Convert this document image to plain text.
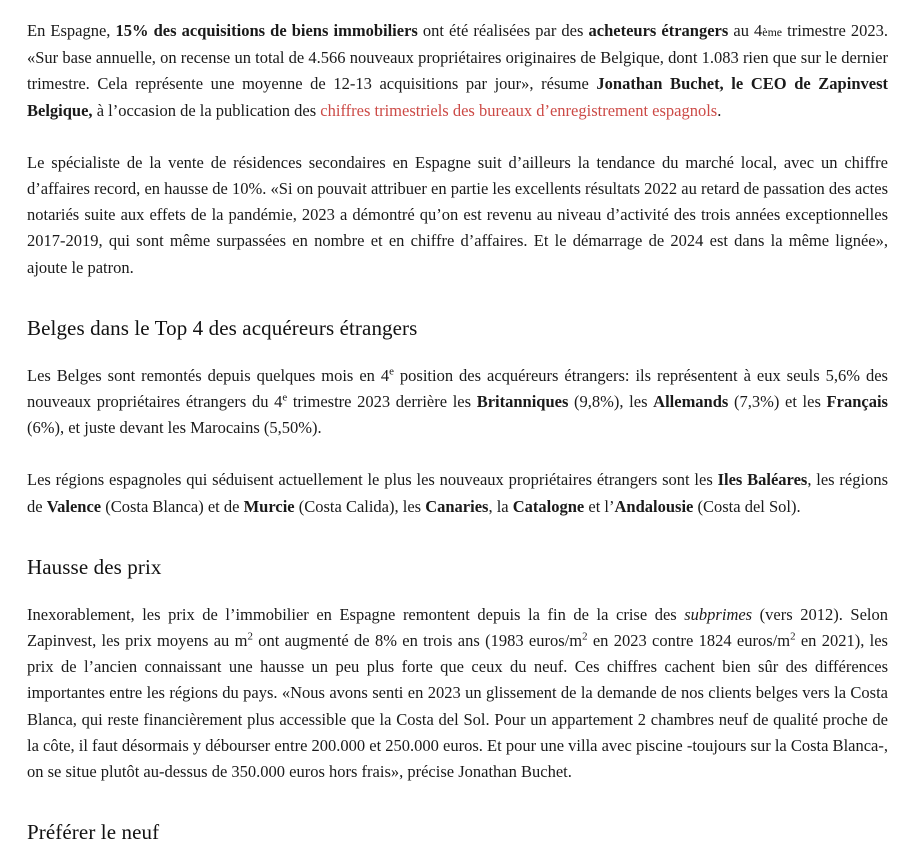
En Espagne, 15% des acquisitions de biens immobiliers ont été réalisées par des acheteurs étrangers au 4ème trimestre 2023. «Sur base annuelle, on recense un total de 4.566 nouveaux propriétaires originaires de Belgique, dont 1.083 rien que sur le dernier trimestre. Cela représente une moyenne de 12-13 acquisitions par jour», résume Jonathan Buchet, le CEO de Zapinvest Belgique, à l’occasion de la publication des chiffres trimestriels des bureaux d’enregistrement espagnols.

Le spécialiste de la vente de résidences secondaires en Espagne suit d’ailleurs la tendance du marché local, avec un chiffre d’affaires record, en hausse de 10%. «Si on pouvait attribuer en partie les excellents résultats 2022 au retard de passation des actes notariés suite aux effets de la pandémie, 2023 a démontré qu’on est revenu au niveau d’activité des trois années exceptionnelles 2017-2019, qui sont même surpassées en nombre et en chiffre d’affaires. Et le démarrage de 2024 est dans la même lignée», ajoute le patron.

Belges dans le Top 4 des acquéreurs étrangers

Les Belges sont remontés depuis quelques mois en 4e position des acquéreurs étrangers: ils représentent à eux seuls 5,6% des nouveaux propriétaires étrangers du 4e trimestre 2023 derrière les Britanniques (9,8%), les Allemands (7,3%) et les Français (6%), et juste devant les Marocains (5,50%).

Les régions espagnoles qui séduisent actuellement le plus les nouveaux propriétaires étrangers sont les Iles Baléares, les régions de Valence (Costa Blanca) et de Murcie (Costa Calida), les Canaries, la Catalogne et l’Andalousie (Costa del Sol).

Hausse des prix

Inexorablement, les prix de l’immobilier en Espagne remontent depuis la fin de la crise des subprimes (vers 2012). Selon Zapinvest, les prix moyens au $m^2$ ont augmenté de 8% en trois ans (1983 euros/$m^2$ en 2023 contre 1824 euros/$m^2$ en 2021), les prix de l’ancien connaissant une hausse un peu plus forte que ceux du neuf. Ces chiffres cachent bien sûr des différences importantes entre les régions du pays. «Nous avons senti en 2023 un glissement de la demande de nos clients belges vers la Costa Blanca, qui reste financièrement plus accessible que la Costa del Sol. Pour un appartement 2 chambres neuf de qualité proche de la côte, il faut désormais y débourser entre 200.000 et 250.000 euros. Et pour une villa avec piscine -toujours sur la Costa Blanca-, on se situe plutôt au-dessus de 350.000 euros hors frais», précise Jonathan Buchet.

Préférer le neuf
